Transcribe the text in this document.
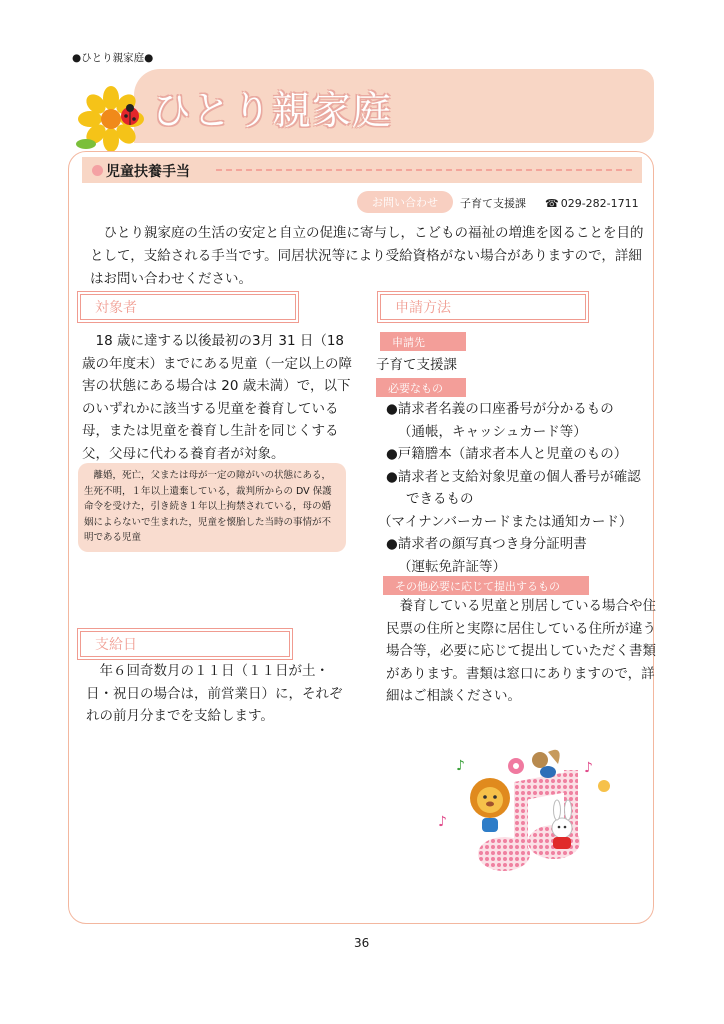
●ひとり親家庭●
ひとり親家庭
児童扶養手当
お問い合わせ	子育て支援課 ☎ 029-282-1711

ひとり親家庭の生活の安定と自立の促進に寄与し，こどもの福祉の増進を図ることを目的として，支給される手当です。同居状況等により受給資格がない場合がありますので，詳細はお問い合わせください。

対象者

18 歳に達する以後最初の3月 31 日（18 歳の年度末）までにある児童（一定以上の障害の状態にある場合は 20 歳未満）で，以下のいずれかに該当する児童を養育している母，または児童を養育し生計を同じくする父，父母に代わる養育者が対象。

離婚，死亡，父または母が一定の障がいの状態にある，生死不明，１年以上遺棄している，裁判所からの DV 保護命令を受けた，引き続き１年以上拘禁されている，母の婚姻によらないで生まれた，児童を懐胎した当時の事情が不明である児童

支給日

年６回奇数月の１１日（１１日が土・日・祝日の場合は，前営業日）に，それぞれの前月分までを支給します。

申請方法
申請先
子育て支援課
必要なもの
●請求者名義の口座番号が分かるもの
（通帳，キャッシュカード等）
●戸籍謄本（請求者本人と児童のもの）
●請求者と支給対象児童の個人番号が確認
できるもの
（マイナンバーカードまたは通知カード）
●請求者の顔写真つき身分証明書
（運転免許証等）
その他必要に応じて提出するもの

養育している児童と別居している場合や住民票の住所と実際に居住している住所が違う場合等，必要に応じて提出していただく書類があります。書類は窓口にありますので，詳細はご相談ください。

♪	♪
♪
36
